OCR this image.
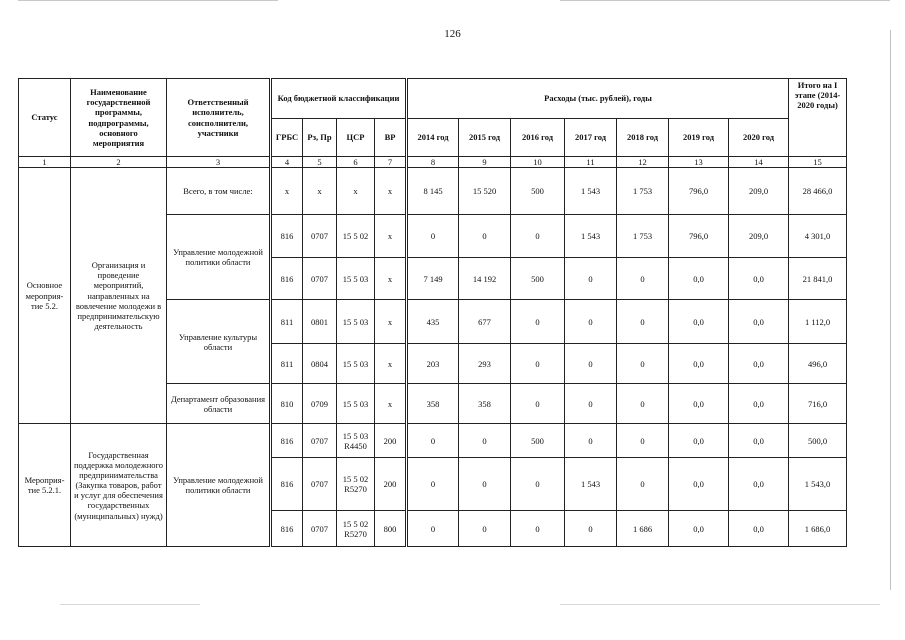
126
Статус	Наименование государственной программы, подпрограммы, основного мероприятия	Ответственный исполнитель, соисполнители, участники	Код бюджетной классификации				Расходы (тыс. рублей), годы							Итого на I этапе (2014-2020 годы)
			ГРБС	Рз, Пр	ЦСР	ВР	2014 год	2015 год	2016 год	2017 год	2018 год	2019 год	2020 год	
1	2	3	4	5	6	7	8	9	10	11	12	13	14	15
Основное мероприя-тие 5.2.	Организация и проведение мероприятий, направленных на вовлечение молодежи в предпринимательскую деятельность	Всего, в том числе:	х	х	х	х	8 145	15 520	500	1 543	1 753	796,0	209,0	28 466,0
		Управление молодежной политики области	816	0707	15 5 02	х	0	0	0	1 543	1 753	796,0	209,0	4 301,0
			816	0707	15 5 03	х	7 149	14 192	500	0	0	0,0	0,0	21 841,0
		Управление культуры области	811	0801	15 5 03	х	435	677	0	0	0	0,0	0,0	1 112,0
			811	0804	15 5 03	х	203	293	0	0	0	0,0	0,0	496,0
		Департамент образования области	810	0709	15 5 03	х	358	358	0	0	0	0,0	0,0	716,0
Мероприя-тие 5.2.1.	Государственная поддержка молодежного предпринимательства (Закупка товаров, работ и услуг для обеспечения государственных (муниципальных) нужд)	Управление молодежной политики области	816	0707	15 5 03 R4450	200	0	0	500	0	0	0,0	0,0	500,0
			816	0707	15 5 02 R5270	200	0	0	0	1 543	0	0,0	0,0	1 543,0
			816	0707	15 5 02 R5270	800	0	0	0	0	1 686	0,0	0,0	1 686,0
